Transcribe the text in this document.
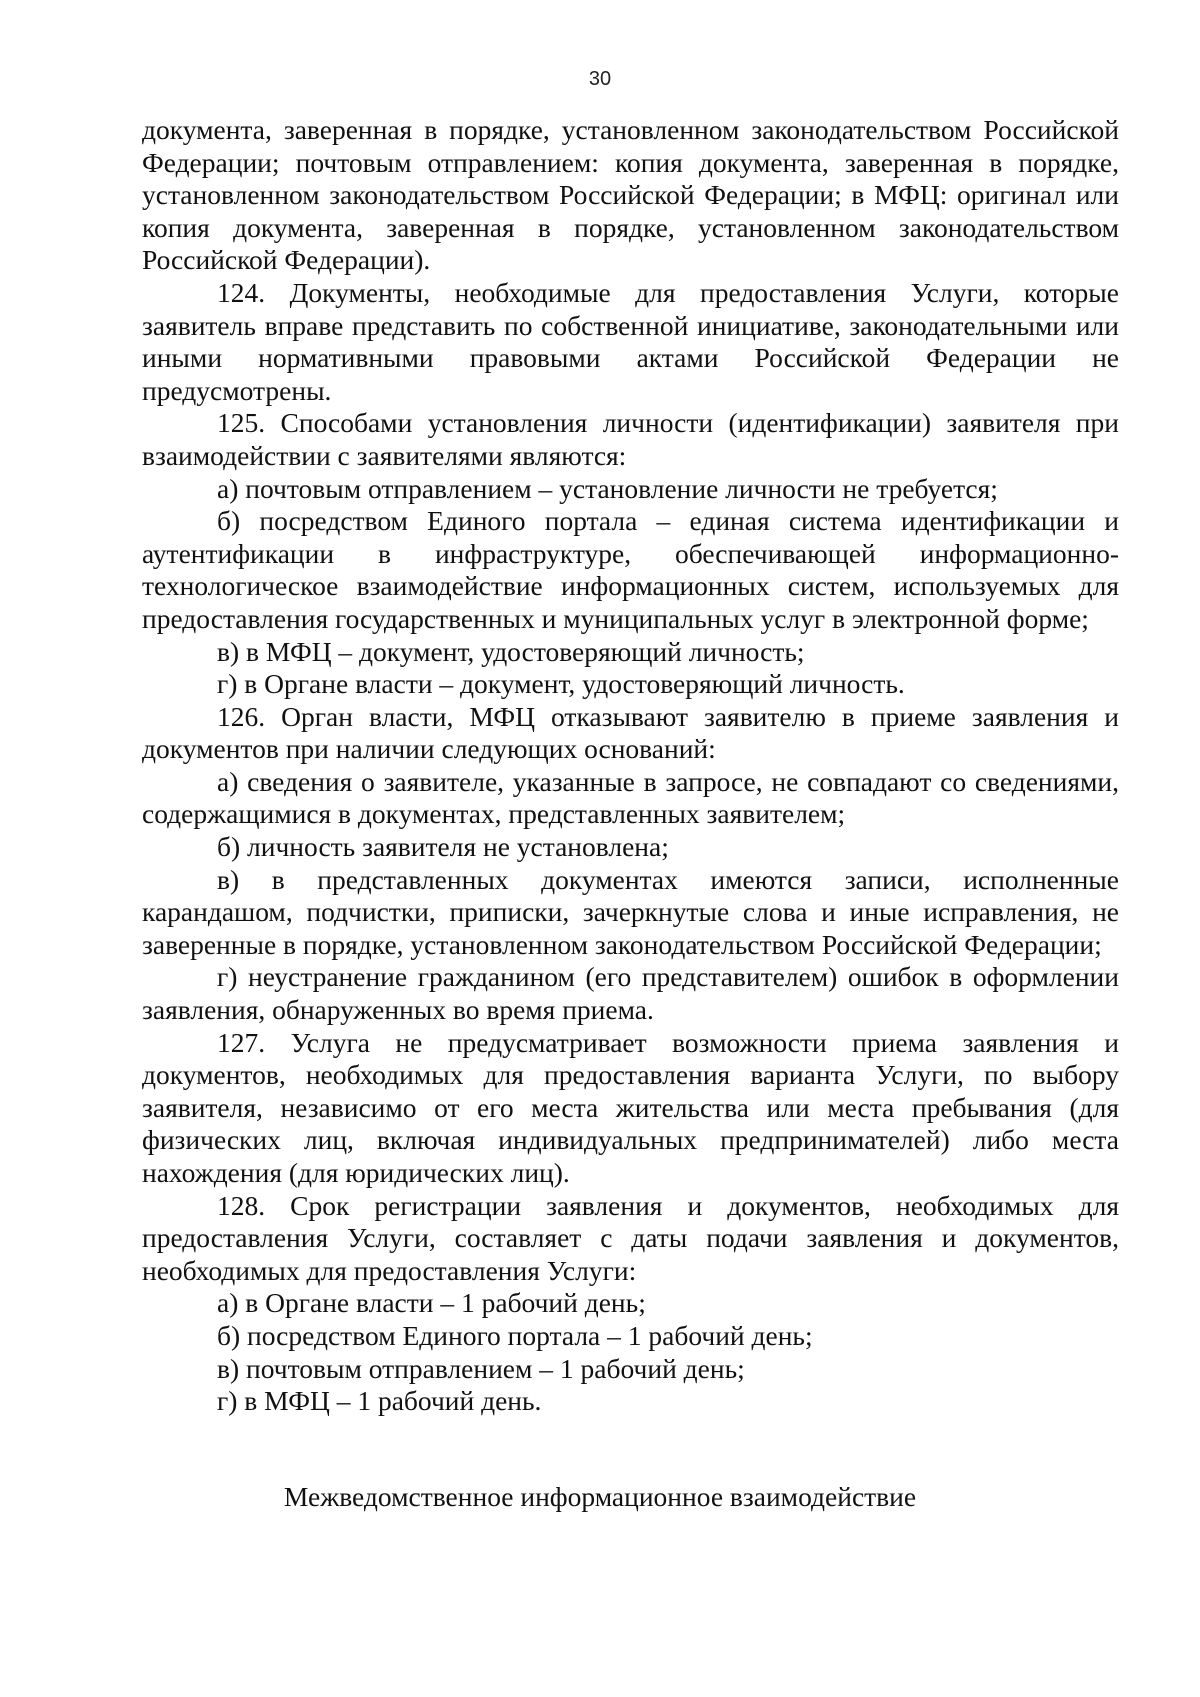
30

документа, заверенная в порядке, установленном законодательством Российской Федерации; почтовым отправлением: копия документа, заверенная в порядке, установленном законодательством Российской Федерации; в МФЦ: оригинал или копия документа, заверенная в порядке, установленном законодательством Российской Федерации).

124. Документы, необходимые для предоставления Услуги, которые заявитель вправе представить по собственной инициативе, законодательными или иными нормативными правовыми актами Российской Федерации не предусмотрены.

125. Способами установления личности (идентификации) заявителя при взаимодействии с заявителями являются:

а) почтовым отправлением – установление личности не требуется;

б) посредством Единого портала – единая система идентификации и аутентификации в инфраструктуре, обеспечивающей информационно-технологическое взаимодействие информационных систем, используемых для предоставления государственных и муниципальных услуг в электронной форме;

в) в МФЦ – документ, удостоверяющий личность;

г) в Органе власти – документ, удостоверяющий личность.

126. Орган власти, МФЦ отказывают заявителю в приеме заявления и документов при наличии следующих оснований:

а) сведения о заявителе, указанные в запросе, не совпадают со сведениями, содержащимися в документах, представленных заявителем;

б) личность заявителя не установлена;

в) в представленных документах имеются записи, исполненные карандашом, подчистки, приписки, зачеркнутые слова и иные исправления, не заверенные в порядке, установленном законодательством Российской Федерации;

г) неустранение гражданином (его представителем) ошибок в оформлении заявления, обнаруженных во время приема.

127. Услуга не предусматривает возможности приема заявления и документов, необходимых для предоставления варианта Услуги, по выбору заявителя, независимо от его места жительства или места пребывания (для физических лиц, включая индивидуальных предпринимателей) либо места нахождения (для юридических лиц).

128. Срок регистрации заявления и документов, необходимых для предоставления Услуги, составляет с даты подачи заявления и документов, необходимых для предоставления Услуги:

а) в Органе власти – 1 рабочий день;

б) посредством Единого портала – 1 рабочий день;

в) почтовым отправлением – 1 рабочий день;

г) в МФЦ – 1 рабочий день.

Межведомственное информационное взаимодействие
